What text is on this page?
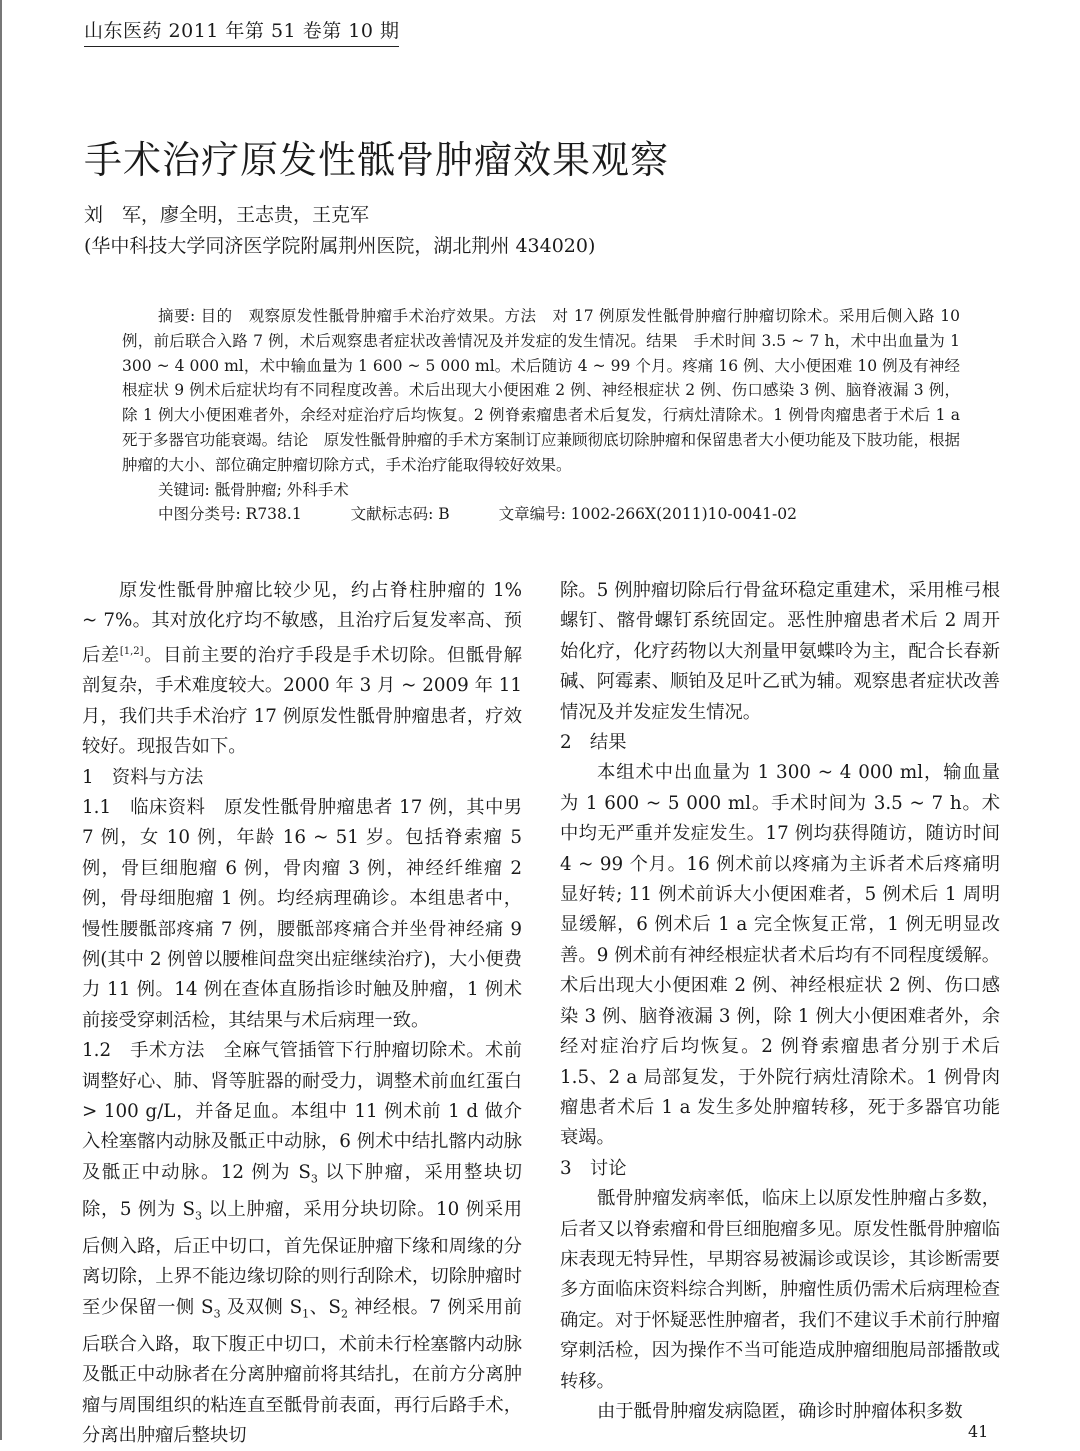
山东医药 2011 年第 51 卷第 10 期
手术治疗原发性骶骨肿瘤效果观察
刘　军，廖全明，王志贵，王克军
(华中科技大学同济医学院附属荆州医院，湖北荆州 434020)

摘要: 目的　观察原发性骶骨肿瘤手术治疗效果。方法　对 17 例原发性骶骨肿瘤行肿瘤切除术。采用后侧入路 10 例，前后联合入路 7 例，术后观察患者症状改善情况及并发症的发生情况。结果　手术时间 3.5 ~ 7 h，术中出血量为 1 300 ~ 4 000 ml，术中输血量为 1 600 ~ 5 000 ml。术后随访 4 ~ 99 个月。疼痛 16 例、大小便困难 10 例及有神经根症状 9 例术后症状均有不同程度改善。术后出现大小便困难 2 例、神经根症状 2 例、伤口感染 3 例、脑脊液漏 3 例，除 1 例大小便困难者外，余经对症治疗后均恢复。2 例脊索瘤患者术后复发，行病灶清除术。1 例骨肉瘤患者于术后 1 a 死于多器官功能衰竭。结论　原发性骶骨肿瘤的手术方案制订应兼顾彻底切除肿瘤和保留患者大小便功能及下肢功能，根据肿瘤的大小、部位确定肿瘤切除方式，手术治疗能取得较好效果。

关键词: 骶骨肿瘤; 外科手术
中图分类号: R738.1	文献标志码: B	文章编号: 1002-266X(2011)10-0041-02

原发性骶骨肿瘤比较少见，约占脊柱肿瘤的 1% ~ 7%。其对放化疗均不敏感，且治疗后复发率高、预后差[1,2]。目前主要的治疗手段是手术切除。但骶骨解剖复杂，手术难度较大。2000 年 3 月 ~ 2009 年 11 月，我们共手术治疗 17 例原发性骶骨肿瘤患者，疗效较好。现报告如下。

1　资料与方法

1.1　临床资料　原发性骶骨肿瘤患者 17 例，其中男 7 例，女 10 例，年龄 16 ~ 51 岁。包括脊索瘤 5 例，骨巨细胞瘤 6 例，骨肉瘤 3 例，神经纤维瘤 2 例，骨母细胞瘤 1 例。均经病理确诊。本组患者中，慢性腰骶部疼痛 7 例，腰骶部疼痛合并坐骨神经痛 9 例(其中 2 例曾以腰椎间盘突出症继续治疗)，大小便费力 11 例。14 例在查体直肠指诊时触及肿瘤，1 例术前接受穿刺活检，其结果与术后病理一致。

1.2　手术方法　全麻气管插管下行肿瘤切除术。术前调整好心、肺、肾等脏器的耐受力，调整术前血红蛋白 > 100 g/L，并备足血。本组中 11 例术前 1 d 做介入栓塞髂内动脉及骶正中动脉，6 例术中结扎髂内动脉及骶正中动脉。12 例为 $S_3$ 以下肿瘤，采用整块切除，5 例为 $S_3$ 以上肿瘤，采用分块切除。10 例采用后侧入路，后正中切口，首先保证肿瘤下缘和周缘的分离切除，上界不能边缘切除的则行刮除术，切除肿瘤时至少保留一侧 $S_3$ 及双侧 $S_1$、$S_2$ 神经根。7 例采用前后联合入路，取下腹正中切口，术前未行栓塞髂内动脉及骶正中动脉者在分离肿瘤前将其结扎，在前方分离肿瘤与周围组织的粘连直至骶骨前表面，再行后路手术，分离出肿瘤后整块切

除。5 例肿瘤切除后行骨盆环稳定重建术，采用椎弓根螺钉、髂骨螺钉系统固定。恶性肿瘤患者术后 2 周开始化疗，化疗药物以大剂量甲氨蝶呤为主，配合长春新碱、阿霉素、顺铂及足叶乙甙为辅。观察患者症状改善情况及并发症发生情况。

2　结果

本组术中出血量为 1 300 ~ 4 000 ml，输血量为 1 600 ~ 5 000 ml。手术时间为 3.5 ~ 7 h。术中均无严重并发症发生。17 例均获得随访，随访时间 4 ~ 99 个月。16 例术前以疼痛为主诉者术后疼痛明显好转; 11 例术前诉大小便困难者，5 例术后 1 周明显缓解，6 例术后 1 a 完全恢复正常，1 例无明显改善。9 例术前有神经根症状者术后均有不同程度缓解。术后出现大小便困难 2 例、神经根症状 2 例、伤口感染 3 例、脑脊液漏 3 例，除 1 例大小便困难者外，余经对症治疗后均恢复。2 例脊索瘤患者分别于术后 1.5、2 a 局部复发，于外院行病灶清除术。1 例骨肉瘤患者术后 1 a 发生多处肿瘤转移，死于多器官功能衰竭。

3　讨论

骶骨肿瘤发病率低，临床上以原发性肿瘤占多数，后者又以脊索瘤和骨巨细胞瘤多见。原发性骶骨肿瘤临床表现无特异性，早期容易被漏诊或误诊，其诊断需要多方面临床资料综合判断，肿瘤性质仍需术后病理检查确定。对于怀疑恶性肿瘤者，我们不建议手术前行肿瘤穿刺活检，因为操作不当可能造成肿瘤细胞局部播散或转移。

由于骶骨肿瘤发病隐匿，确诊时肿瘤体积多数

41
